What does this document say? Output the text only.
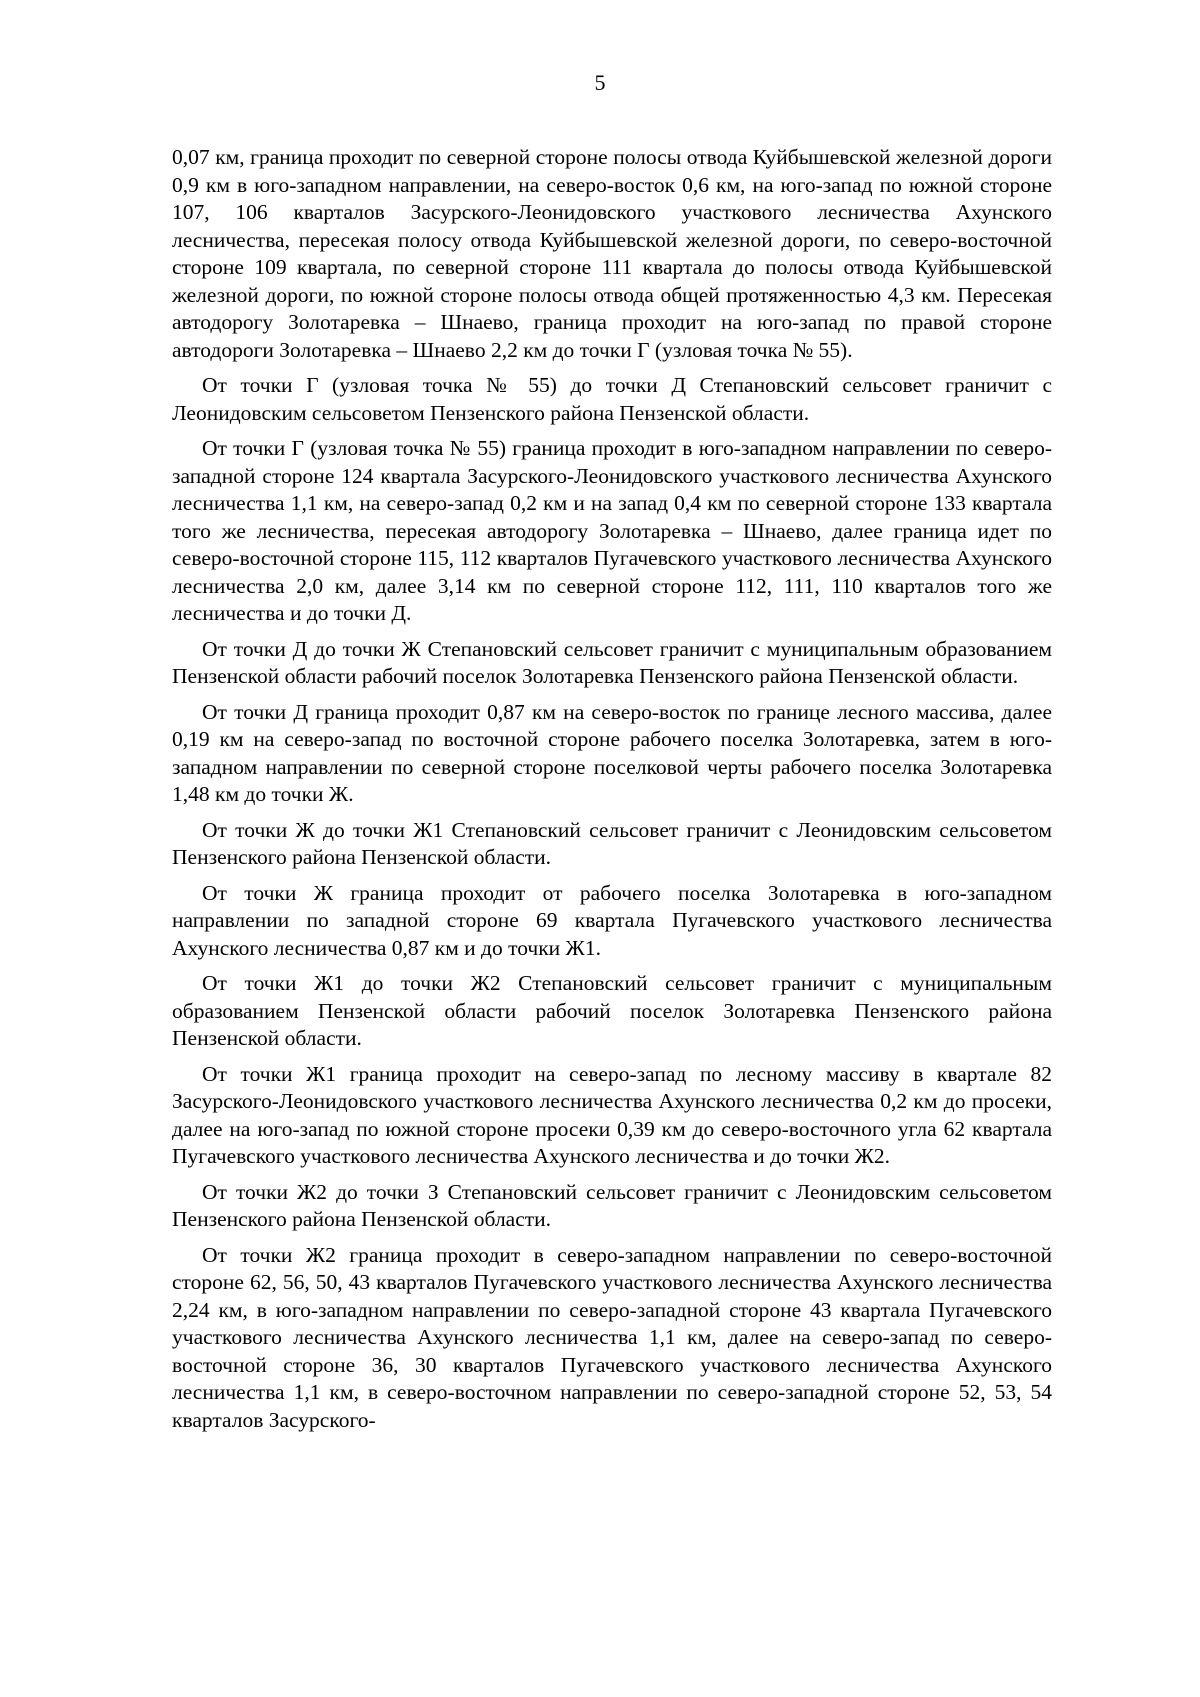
5

0,07 км, граница проходит по северной стороне полосы отвода Куйбышевской железной дороги 0,9 км в юго-западном направлении, на северо-восток 0,6 км, на юго-запад по южной стороне 107, 106 кварталов Засурского-Леонидовского участкового лесничества Ахунского лесничества, пересекая полосу отвода Куйбышевской железной дороги, по северо-восточной стороне 109 квартала, по северной стороне 111 квартала до полосы отвода Куйбышевской железной дороги, по южной стороне полосы отвода общей протяженностью 4,3 км. Пересекая автодорогу Золотаревка – Шнаево, граница проходит на юго-запад по правой стороне автодороги Золотаревка – Шнаево 2,2 км до точки Г (узловая точка № 55).

От точки Г (узловая точка № 55) до точки Д Степановский сельсовет граничит с Леонидовским сельсоветом Пензенского района Пензенской области.

От точки Г (узловая точка № 55) граница проходит в юго-западном направлении по северо-западной стороне 124 квартала Засурского-Леонидовского участкового лесничества Ахунского лесничества 1,1 км, на северо-запад 0,2 км и на запад 0,4 км по северной стороне 133 квартала того же лесничества, пересекая автодорогу Золотаревка – Шнаево, далее граница идет по северо-восточной стороне 115, 112 кварталов Пугачевского участкового лесничества Ахунского лесничества 2,0 км, далее 3,14 км по северной стороне 112, 111, 110 кварталов того же лесничества и до точки Д.

От точки Д до точки Ж Степановский сельсовет граничит с муниципальным образованием Пензенской области рабочий поселок Золотаревка Пензенского района Пензенской области.

От точки Д граница проходит 0,87 км на северо-восток по границе лесного массива, далее 0,19 км на северо-запад по восточной стороне рабочего поселка Золотаревка, затем в юго-западном направлении по северной стороне поселковой черты рабочего поселка Золотаревка 1,48 км до точки Ж.

От точки Ж до точки Ж1 Степановский сельсовет граничит с Леонидовским сельсоветом Пензенского района Пензенской области.

От точки Ж граница проходит от рабочего поселка Золотаревка в юго-западном направлении по западной стороне 69 квартала Пугачевского участкового лесничества Ахунского лесничества 0,87 км и до точки Ж1.

От точки Ж1 до точки Ж2 Степановский сельсовет граничит с муниципальным образованием Пензенской области рабочий поселок Золотаревка Пензенского района Пензенской области.

От точки Ж1 граница проходит на северо-запад по лесному массиву в квартале 82 Засурского-Леонидовского участкового лесничества Ахунского лесничества 0,2 км до просеки, далее на юго-запад по южной стороне просеки 0,39 км до северо-восточного угла 62 квартала Пугачевского участкового лесничества Ахунского лесничества и до точки Ж2.

От точки Ж2 до точки З Степановский сельсовет граничит с Леонидовским сельсоветом Пензенского района Пензенской области.

От точки Ж2 граница проходит в северо-западном направлении по северо-восточной стороне 62, 56, 50, 43 кварталов Пугачевского участкового лесничества Ахунского лесничества 2,24 км, в юго-западном направлении по северо-западной стороне 43 квартала Пугачевского участкового лесничества Ахунского лесничества 1,1 км, далее на северо-запад по северо-восточной стороне 36, 30 кварталов Пугачевского участкового лесничества Ахунского лесничества 1,1 км, в северо-восточном направлении по северо-западной стороне 52, 53, 54 кварталов Засурского-
